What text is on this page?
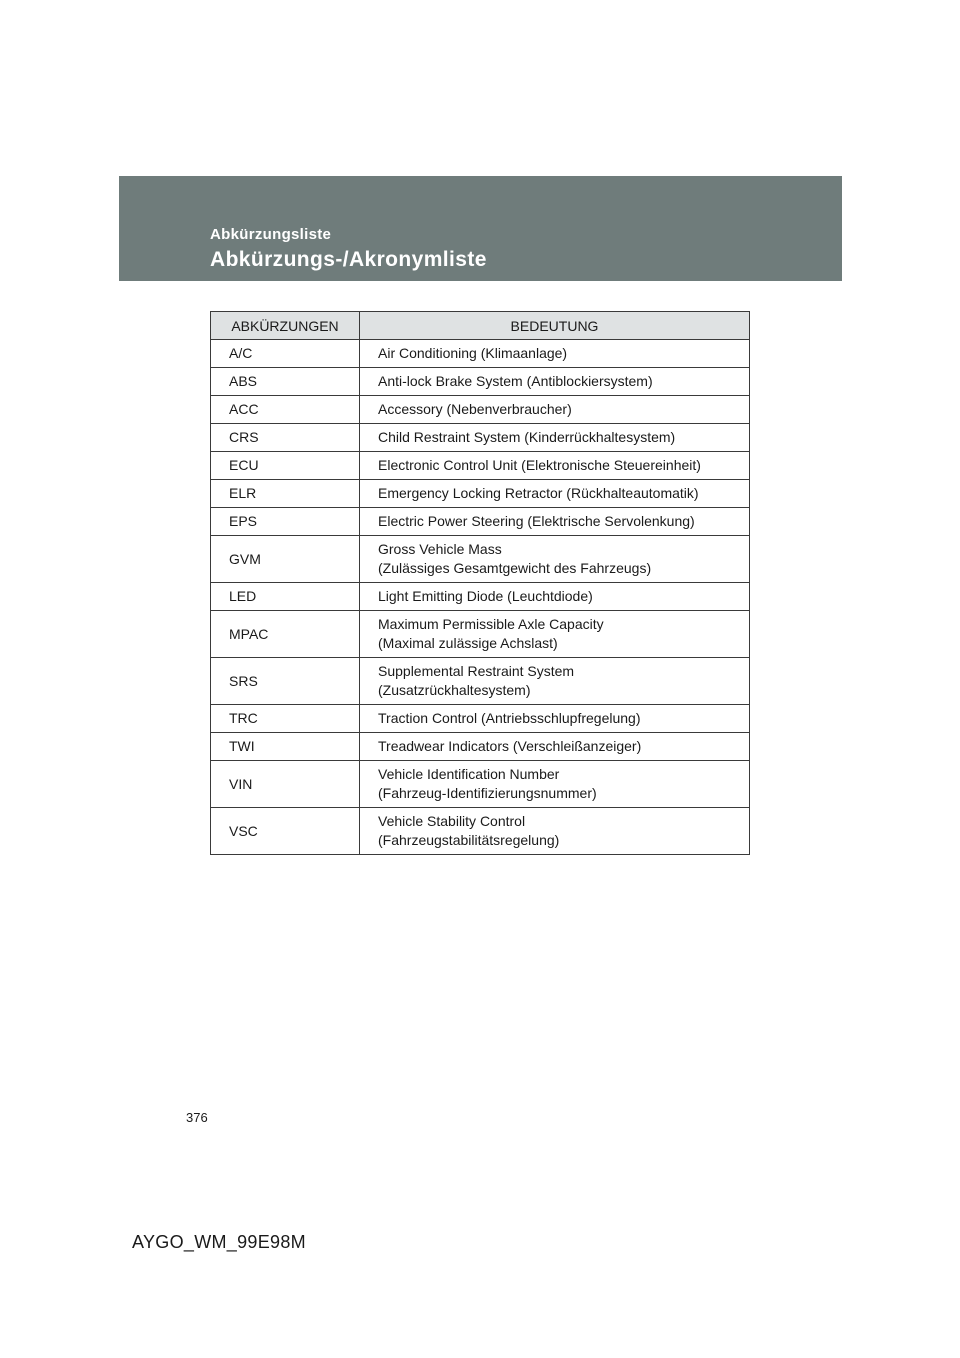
Abkürzungsliste
Abkürzungs-/Akronymliste
ABKÜRZUNGEN	BEDEUTUNG
A/C	Air Conditioning (Klimaanlage)

ABS	Anti-lock Brake System (Antiblockiersystem)

ACC	Accessory (Nebenverbraucher)

CRS	Child Restraint System (Kinderrückhaltesystem)

ECU	Electronic Control Unit (Elektronische Steuereinheit)

ELR	Emergency Locking Retractor (Rückhalteautomatik)

EPS	Electric Power Steering (Elektrische Servolenkung)

GVM	Gross Vehicle Mass
(Zulässiges Gesamtgewicht des Fahrzeugs)

LED	Light Emitting Diode (Leuchtdiode)

MPAC	Maximum Permissible Axle Capacity
(Maximal zulässige Achslast)

SRS	Supplemental Restraint System
(Zusatzrückhaltesystem)

TRC	Traction Control (Antriebsschlupfregelung)

TWI	Treadwear Indicators (Verschleißanzeiger)

VIN	Vehicle Identification Number
(Fahrzeug-Identifizierungsnummer)

VSC	Vehicle Stability Control
(Fahrzeugstabilitätsregelung)
376
AYGO_WM_99E98M
